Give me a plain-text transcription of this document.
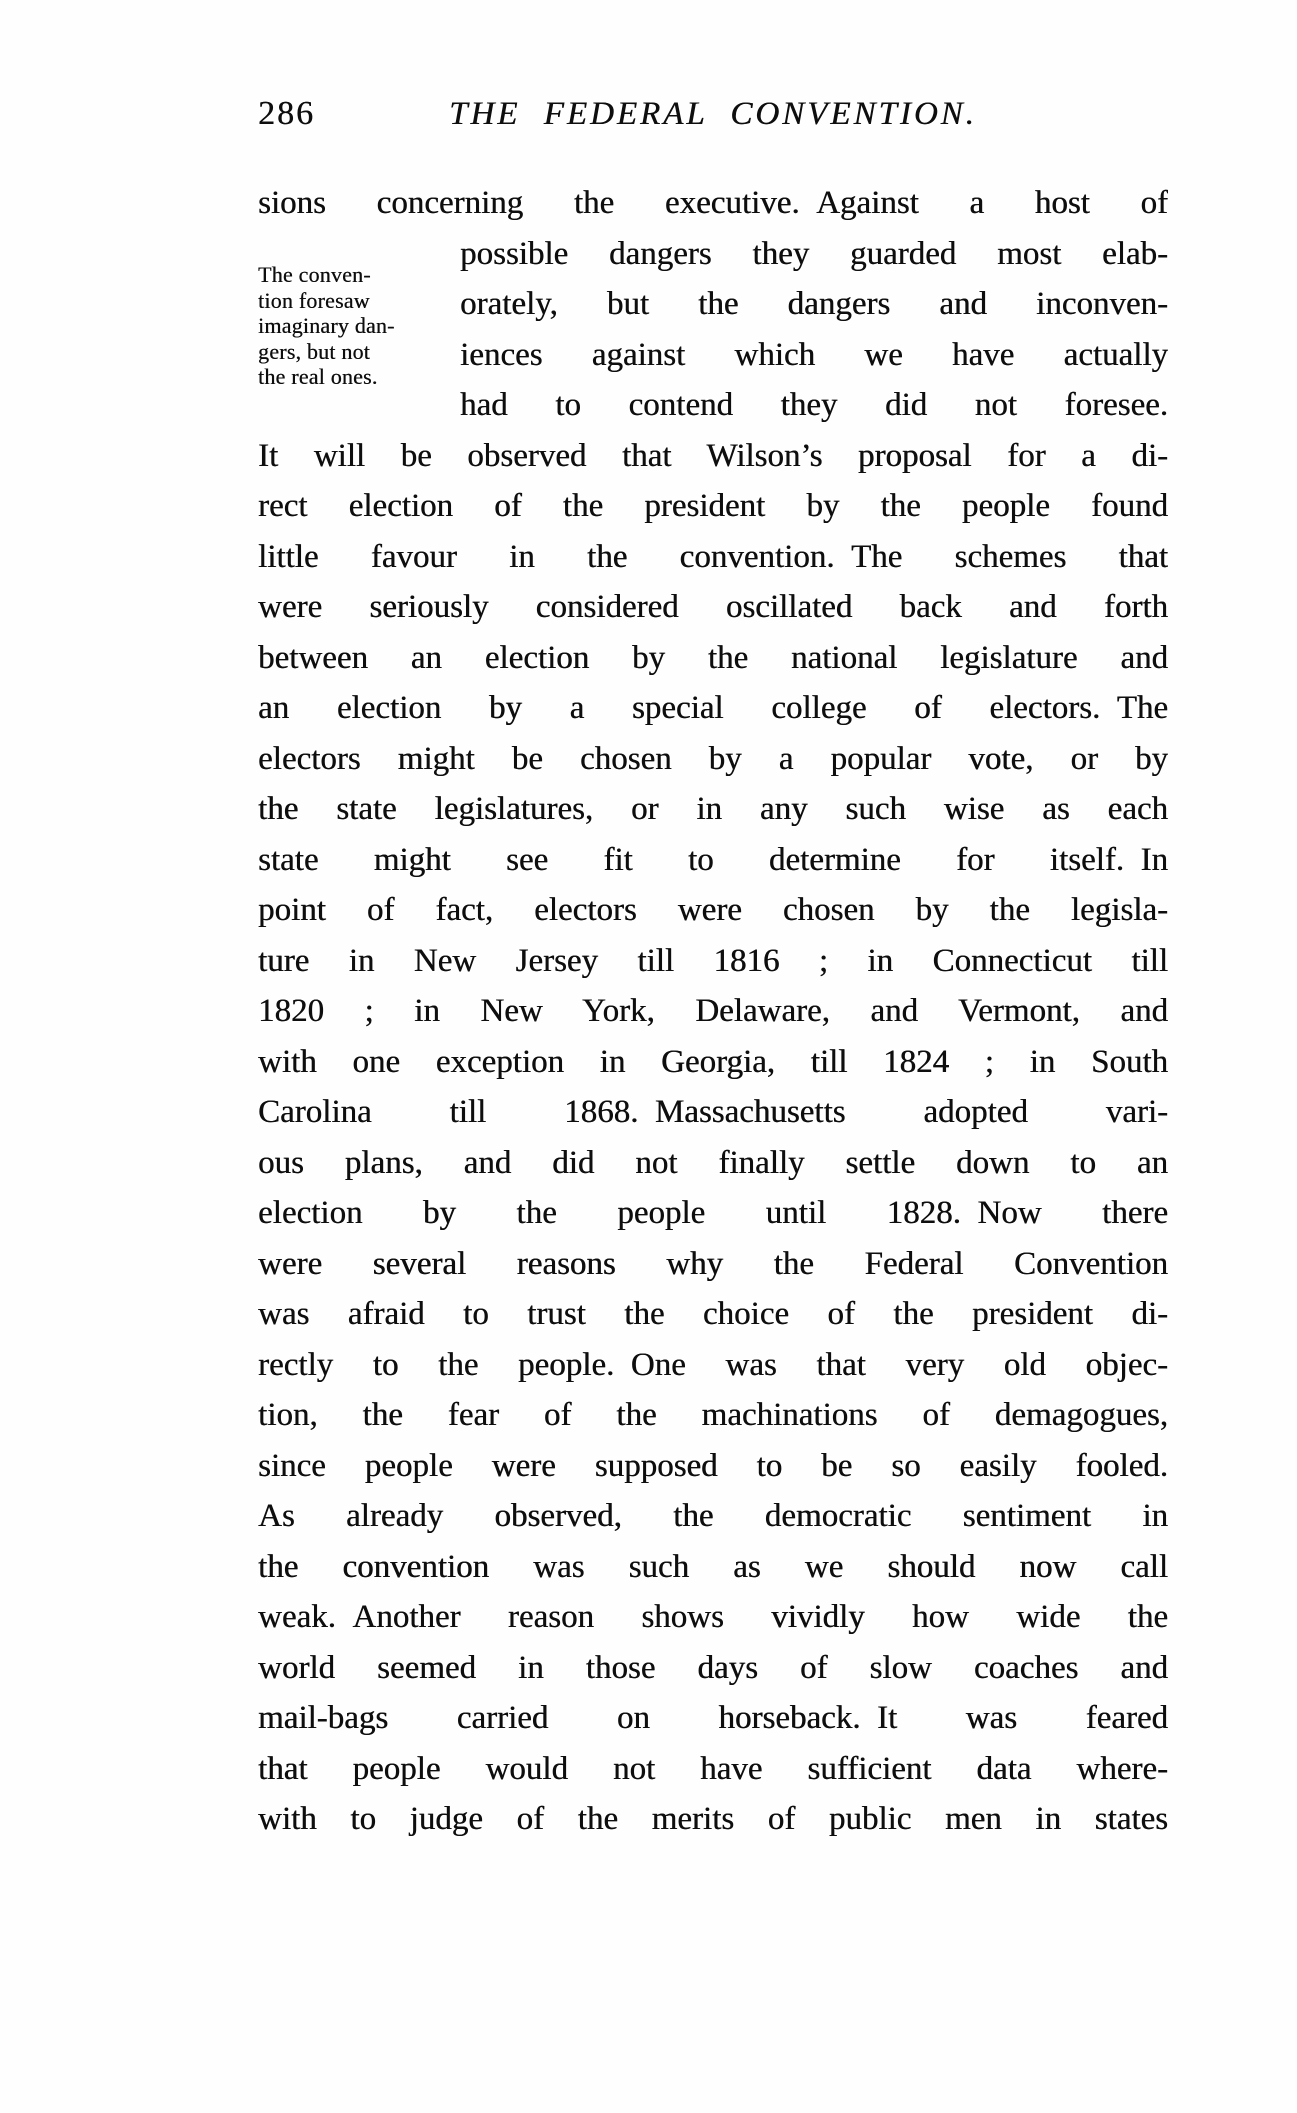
286	THE FEDERAL CONVENTION.
The conven-
tion foresaw
imaginary dan-
gers, but not
the real ones.
sions concerning the executive. Against a host of
possible dangers they guarded most elab-
orately, but the dangers and inconven-
iences against which we have actually
had to contend they did not foresee.
It will be observed that Wilson’s proposal for a di-
rect election of the president by the people found
little favour in the convention. The schemes that
were seriously considered oscillated back and forth
between an election by the national legislature and
an election by a special college of electors. The
electors might be chosen by a popular vote, or by
the state legislatures, or in any such wise as each
state might see fit to determine for itself. In
point of fact, electors were chosen by the legisla-
ture in New Jersey till 1816 ; in Connecticut till
1820 ; in New York, Delaware, and Vermont, and
with one exception in Georgia, till 1824 ; in South
Carolina till 1868. Massachusetts adopted vari-
ous plans, and did not finally settle down to an
election by the people until 1828. Now there
were several reasons why the Federal Convention
was afraid to trust the choice of the president di-
rectly to the people. One was that very old objec-
tion, the fear of the machinations of demagogues,
since people were supposed to be so easily fooled.
As already observed, the democratic sentiment in
the convention was such as we should now call
weak. Another reason shows vividly how wide the
world seemed in those days of slow coaches and
mail-bags carried on horseback. It was feared
that people would not have sufficient data where-
with to judge of the merits of public men in states
